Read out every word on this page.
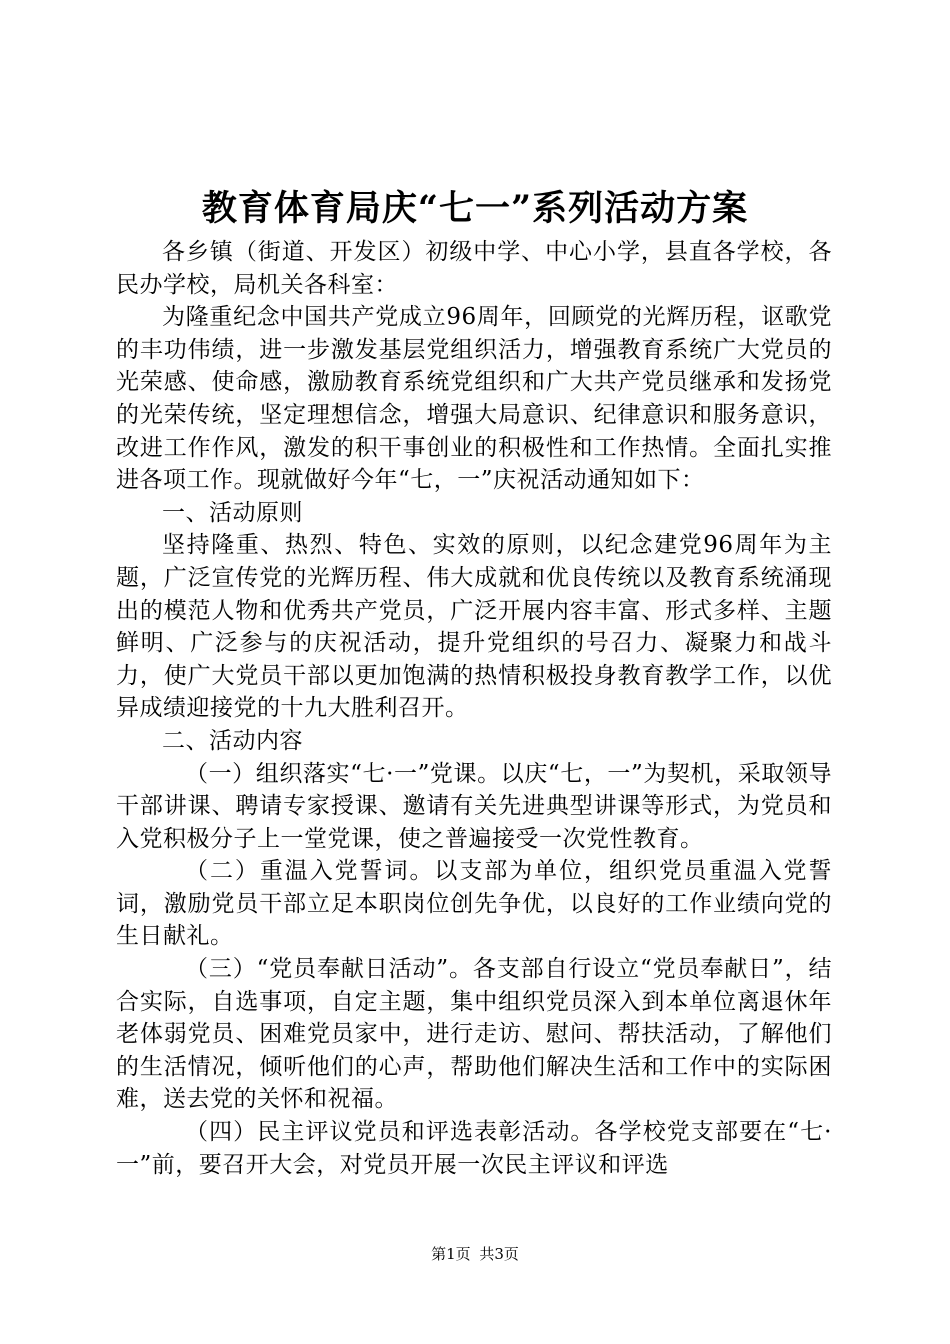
教育体育局庆“七一”系列活动方案

各乡镇（街道、开发区）初级中学、中心小学，县直各学校，各民办学校，局机关各科室：

为隆重纪念中国共产党成立96周年，回顾党的光辉历程，讴歌党的丰功伟绩，进一步激发基层党组织活力，增强教育系统广大党员的光荣感、使命感，激励教育系统党组织和广大共产党员继承和发扬党的光荣传统，坚定理想信念，增强大局意识、纪律意识和服务意识，改进工作作风，激发的积干事创业的积极性和工作热情。全面扎实推进各项工作。现就做好今年“七，一”庆祝活动通知如下：

一、活动原则

坚持隆重、热烈、特色、实效的原则，以纪念建党96周年为主题，广泛宣传党的光辉历程、伟大成就和优良传统以及教育系统涌现出的模范人物和优秀共产党员，广泛开展内容丰富、形式多样、主题鲜明、广泛参与的庆祝活动，提升党组织的号召力、凝聚力和战斗力，使广大党员干部以更加饱满的热情积极投身教育教学工作，以优异成绩迎接党的十九大胜利召开。

二、活动内容

（一）组织落实“七·一”党课。以庆“七，一”为契机，采取领导干部讲课、聘请专家授课、邀请有关先进典型讲课等形式，为党员和入党积极分子上一堂党课，使之普遍接受一次党性教育。

（二）重温入党誓词。以支部为单位，组织党员重温入党誓词，激励党员干部立足本职岗位创先争优，以良好的工作业绩向党的生日献礼。

（三）“党员奉献日活动”。各支部自行设立“党员奉献日”，结合实际，自选事项，自定主题，集中组织党员深入到本单位离退休年老体弱党员、困难党员家中，进行走访、慰问、帮扶活动，了解他们的生活情况，倾听他们的心声，帮助他们解决生活和工作中的实际困难，送去党的关怀和祝福。

（四）民主评议党员和评选表彰活动。各学校党支部要在“七·一”前，要召开大会，对党员开展一次民主评议和评选

第1页 共3页
